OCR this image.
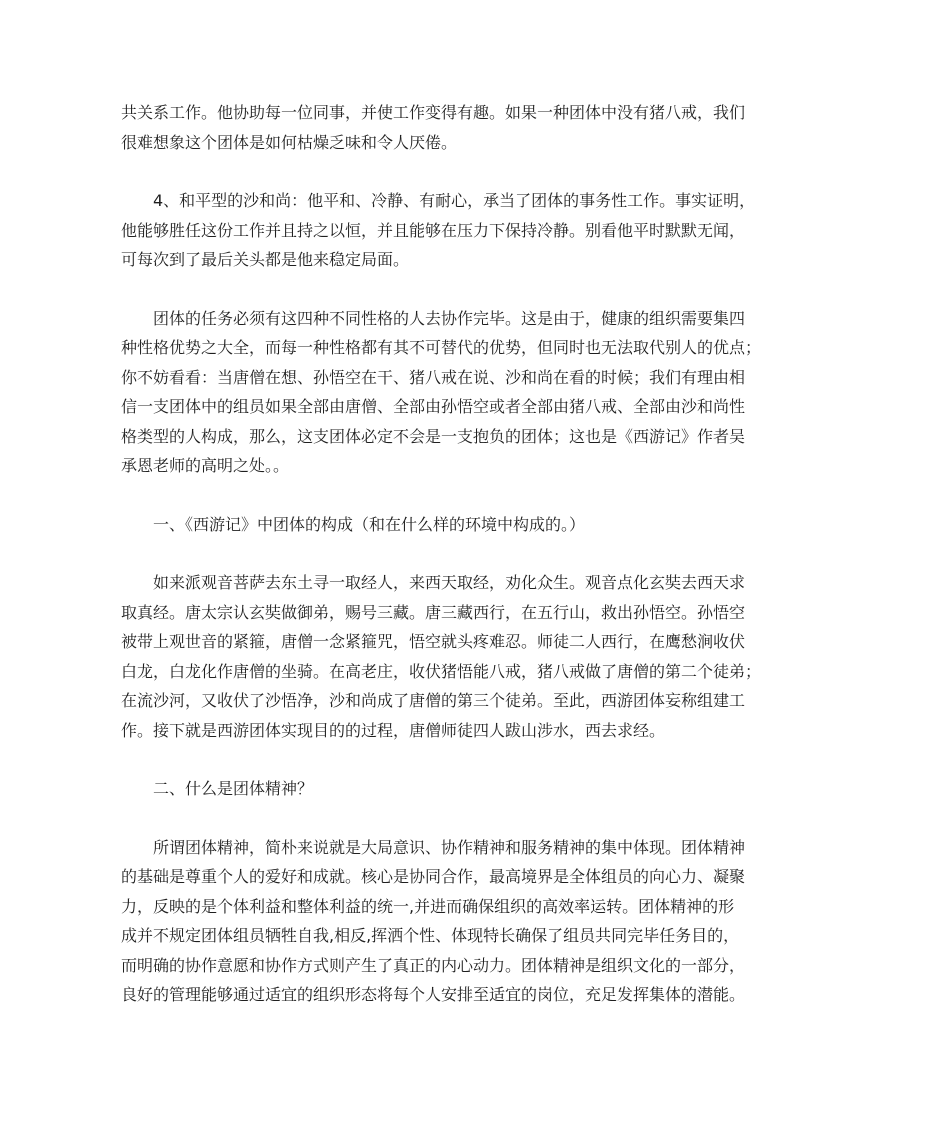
共关系工作。他协助每一位同事，并使工作变得有趣。如果一种团体中没有猪八戒，我们
很难想象这个团体是如何枯燥乏味和令人厌倦。

4、和平型的沙和尚：他平和、冷静、有耐心，承当了团体的事务性工作。事实证明，
他能够胜任这份工作并且持之以恒，并且能够在压力下保持冷静。别看他平时默默无闻，
可每次到了最后关头都是他来稳定局面。

团体的任务必须有这四种不同性格的人去协作完毕。这是由于，健康的组织需要集四
种性格优势之大全，而每一种性格都有其不可替代的优势，但同时也无法取代别人的优点；
你不妨看看：当唐僧在想、孙悟空在干、猪八戒在说、沙和尚在看的时候；我们有理由相
信一支团体中的组员如果全部由唐僧、全部由孙悟空或者全部由猪八戒、全部由沙和尚性
格类型的人构成，那么，这支团体必定不会是一支抱负的团体；这也是《西游记》作者吴
承恩老师的高明之处。。

一、《西游记》中团体的构成（和在什么样的环境中构成的。）

如来派观音菩萨去东土寻一取经人，来西天取经，劝化众生。观音点化玄奘去西天求
取真经。唐太宗认玄奘做御弟，赐号三藏。唐三藏西行，在五行山，救出孙悟空。孙悟空
被带上观世音的紧箍，唐僧一念紧箍咒，悟空就头疼难忍。师徒二人西行，在鹰愁涧收伏
白龙，白龙化作唐僧的坐骑。在高老庄，收伏猪悟能八戒，猪八戒做了唐僧的第二个徒弟；
在流沙河，又收伏了沙悟净，沙和尚成了唐僧的第三个徒弟。至此，西游团体妄称组建工
作。接下就是西游团体实现目的的过程，唐僧师徒四人跋山涉水，西去求经。

二、什么是团体精神？

所谓团体精神，简朴来说就是大局意识、协作精神和服务精神的集中体现。团体精神
的基础是尊重个人的爱好和成就。核心是协同合作，最高境界是全体组员的向心力、凝聚
力，反映的是个体利益和整体利益的统一,并进而确保组织的高效率运转。团体精神的形
成并不规定团体组员牺牲自我,相反,挥洒个性、体现特长确保了组员共同完毕任务目的，
而明确的协作意愿和协作方式则产生了真正的内心动力。团体精神是组织文化的一部分，
良好的管理能够通过适宜的组织形态将每个人安排至适宜的岗位，充足发挥集体的潜能。
